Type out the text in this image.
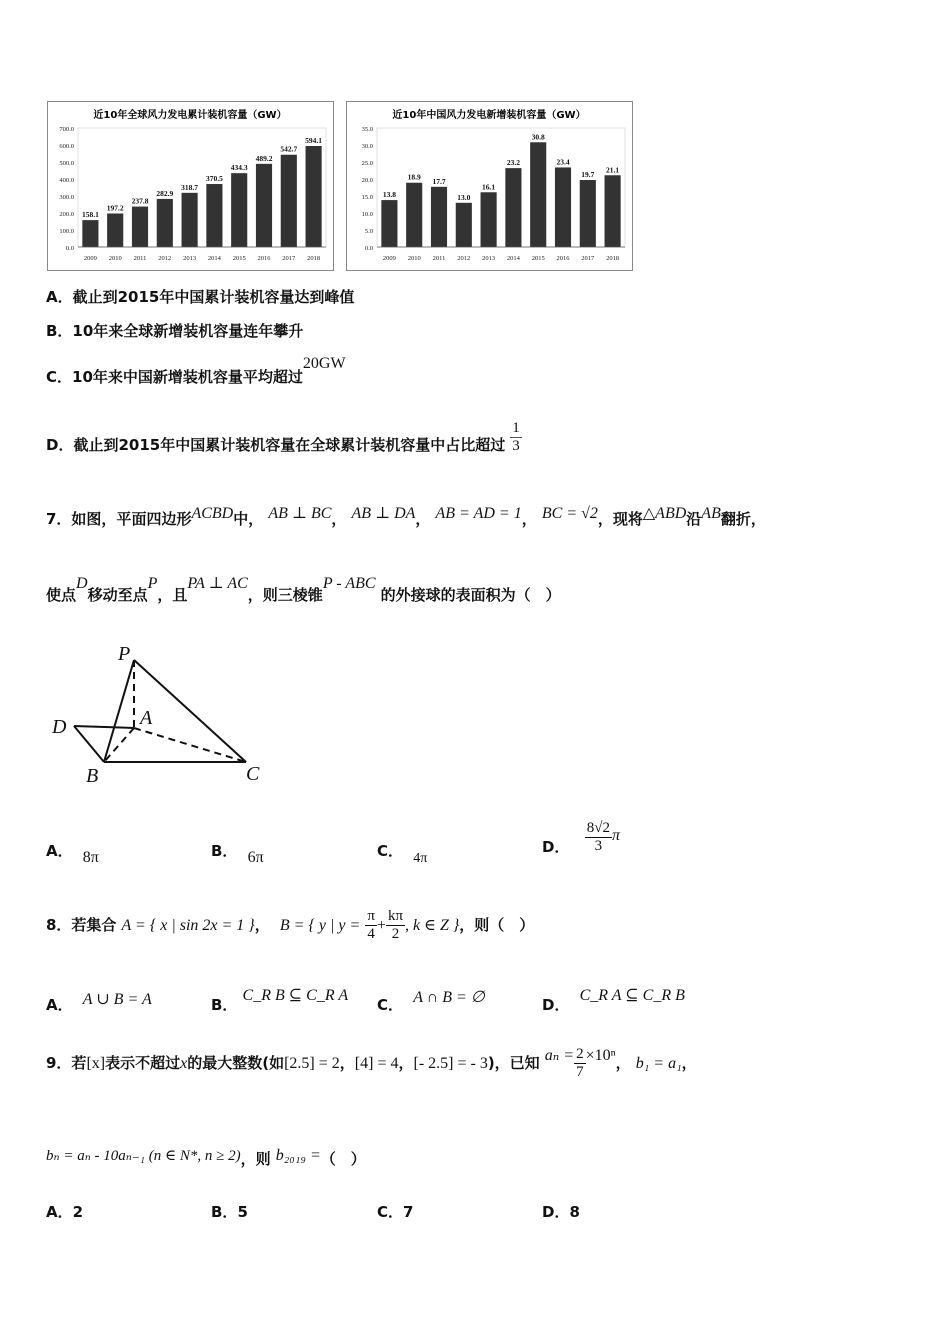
近10年全球风力发电累计装机容量（GW）
700.0
600.0
500.0
400.0
300.0
200.0
100.0
0.0
158.1
2009
197.2
2010
237.8
2011
282.9
2012
318.7
2013
370.5
2014
434.3
2015
489.2
2016
542.7
2017
594.1
2018
近10年中国风力发电新增装机容量（GW）
35.0
30.0
25.0
20.0
15.0
10.0
5.0
0.0
13.8
2009
18.9
2010
17.7
2011
13.0
2012
16.1
2013
23.2
2014
30.8
2015
23.4
2016
19.7
2017
21.1
2018
A．截止到2015年中国累计装机容量达到峰值
B．10年来全球新增装机容量连年攀升
C．10年来中国新增装机容量平均超过20GW
D．截止到2015年中国累计装机容量在全球累计装机容量中占比超过 $\frac{1}{3}$
7．如图，平面四边形ACBD中， AB ⊥ BC， AB ⊥ DA， AB = AD = 1， BC = √2，现将△ABD沿AB翻折，
使点D移动至点P，且PA ⊥ AC，则三棱锥P - ABC 的外接球的表面积为（　）
P
A
D
B	C
A． 8π	B． 6π	C． 4π
D． $\frac{8√2}{3}$ π
8．若集合 A = { x | sin 2x = 1 }， B = { y | $y = \frac{\pi}{4} + \frac{k\pi}{2}$ , k ∈ Z }，则（　）
A． A ∪ B = A	B． C_R B ⊆ C_R A
C． A ∩ B = ∅	D．  C_R A ⊆ C_R B
9．若[x]表示不超过x的最大整数(如[2.5] = 2，[4] = 4，[- 2.5] = - 3)，已知 $a_n = \frac{2}{7} \times 10^n$， b₁ = a₁，
bₙ = aₙ - 10aₙ₋₁ (n ∈ N*, n ≥ 2)，则 b₂₀₁₉ =（　）
A．2	B．5	C．7	D．8
